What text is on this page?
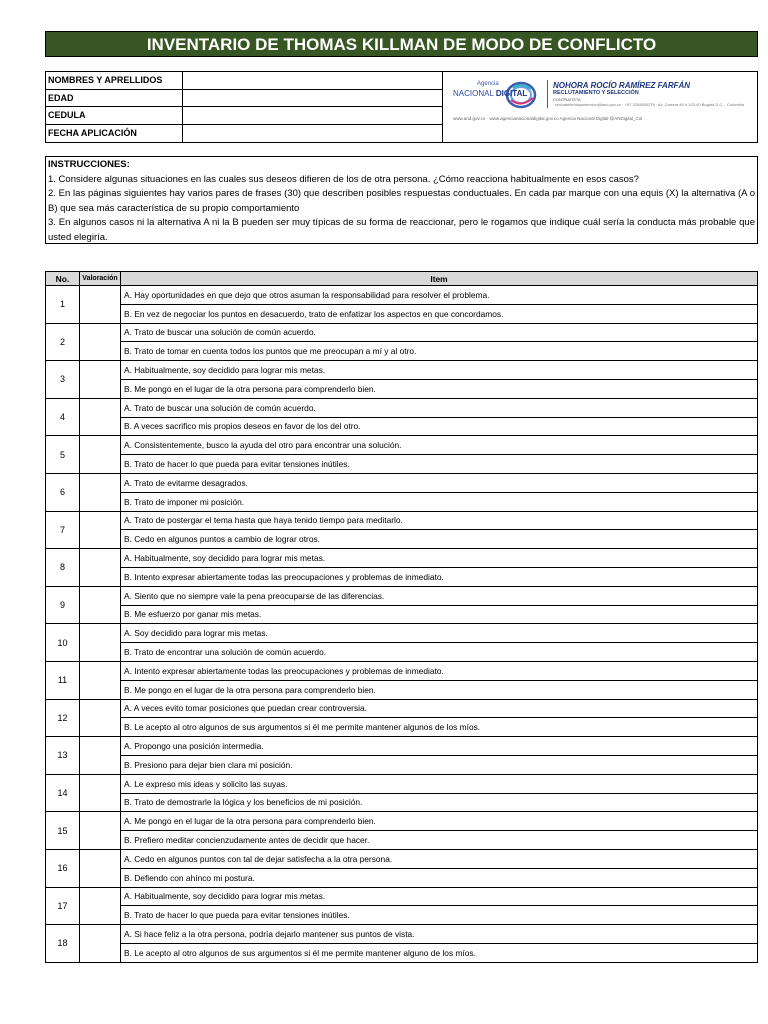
INVENTARIO DE THOMAS KILLMAN DE MODO DE CONFLICTO
NOMBRES Y APRELLIDOS
EDAD
CEDULA
FECHA APLICACIÓN
Agencia
NACIONAL DIGITAL
NOHORA ROCÍO RAMÍREZ FARFÁN
RECLUTAMIENTO Y SELECCIÓN
CONTRATISTA
reclutamientoyseleccion@and.gov.co · +57 3209850279 · Av. Carrera 45 # 103-40 Bogotá D.C. - Colombia
www.and.gov.co · www.agencianacionaldigital.gov.co Agencia Nacional Digital @ANDigital_Col
INSTRUCCIONES:

1. Considere algunas situaciones en las cuales sus deseos difieren de los de otra persona. ¿Cómo reacciona habitualmente en esos casos?

2. En las páginas siguientes hay varios pares de frases (30) que describen posibles respuestas conductuales. En cada par marque con una equis (X) la alternativa (A o B) que sea más característica de su propio comportamiento

3. En algunos casos ni la alternativa A ni la B pueden ser muy típicas de su forma de reaccionar, pero le rogamos que indique cuál sería la conducta más probable que usted elegiría.

No.	Valoración	Item
1		A. Hay oportunidades en que dejo que otros asuman la responsabilidad para resolver el problema.
		B. En vez de negociar los puntos en desacuerdo, trato de enfatizar los aspectos en que concordamos.
2		A. Trato de buscar una solución de común acuerdo.
		B. Trato de tomar en cuenta todos los puntos que me preocupan a mí y al otro.
3		A. Habitualmente, soy decidido para lograr mis metas.
		B. Me pongo en el lugar de la otra persona para comprenderlo bien.
4		A. Trato de buscar una solución de común acuerdo.
		B. A veces sacrifico mis propios deseos en favor de los del otro.
5		A. Consistentemente, busco la ayuda del otro para encontrar una solución.
		B. Trato de hacer lo que pueda para evitar tensiones inútiles.
6		A. Trato de evitarme desagrados.
		B. Trato de imponer mi posición.
7		A. Trato de postergar el tema hasta que haya tenido tiempo para meditarlo.
		B. Cedo en algunos puntos a cambio de lograr otros.
8		A. Habitualmente, soy decidido para lograr mis metas.
		B. Intento expresar abiertamente todas las preocupaciones y problemas de inmediato.
9		A. Siento que no siempre vale la pena preocuparse de las diferencias.
		B. Me esfuerzo por ganar mis metas.
10		A. Soy decidido para lograr mis metas.
		B. Trato de encontrar una solución de común acuerdo.
11		A. Intento expresar abiertamente todas las preocupaciones y problemas de inmediato.
		B. Me pongo en el lugar de la otra persona para comprenderlo bien.
12		A. A veces evito tomar posiciones que puedan crear controversia.
		B. Le acepto al otro algunos de sus argumentos si él me permite mantener algunos de los míos.
13		A. Propongo una posición intermedia.
		B. Presiono para dejar bien clara mi posición.
14		A. Le expreso mis ideas y solicito las suyas.
		B. Trato de demostrarle la lógica y los beneficios de mi posición.
15		A. Me pongo en el lugar de la otra persona para comprenderlo bien.
		B. Prefiero meditar concienzudamente antes de decidir que hacer.
16		A. Cedo en algunos puntos con tal de dejar satisfecha a la otra persona.
		B. Defiendo con ahínco mi postura.
17		A. Habitualmente, soy decidido para lograr mis metas.
		B. Trato de hacer lo que pueda para evitar tensiones inútiles.
18		A. Si hace feliz a la otra persona, podría dejarlo mantener sus puntos de vista.
		B. Le acepto al otro algunos de sus argumentos si él me permite mantener alguno de los míos.
